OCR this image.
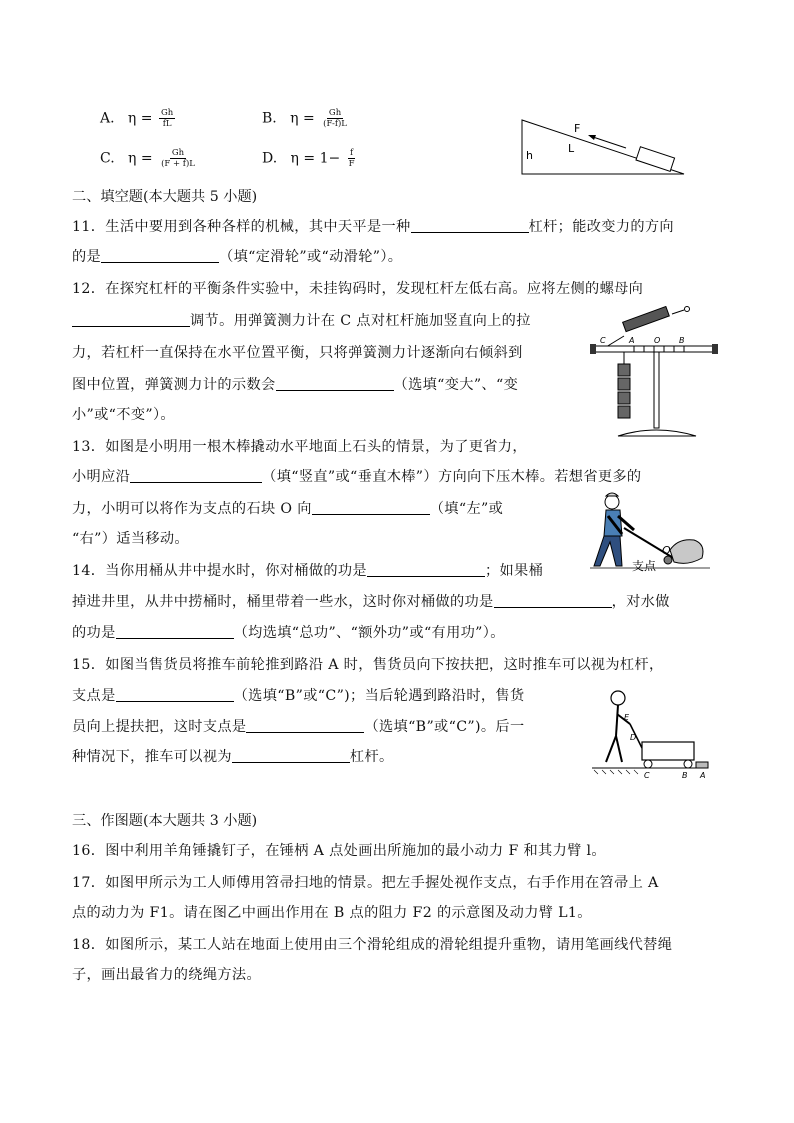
A. $\eta = \frac{Gh}{fL}$	B. $\eta = \frac{Gh}{(F-f)L}$
C. $\eta = \frac{Gh}{(F + f)L}$	D. $\eta = 1- \frac{f}{F}$
F
L
h
二、填空题(本大题共 5 小题)
11．生活中要用到各种各样的机械，其中天平是一种	杠杆；能改变力的方向
的是	（填“定滑轮”或“动滑轮”）。
12．在探究杠杆的平衡条件实验中，未挂钩码时，发现杠杆左低右高。应将左侧的螺母向
调节。用弹簧测力计在 C 点对杠杆施加竖直向上的拉
力，若杠杆一直保持在水平位置平衡，只将弹簧测力计逐渐向右倾斜到
图中位置，弹簧测力计的示数会	（选填“变大”、“变
小”或“不变”）。
C	A O B
13．如图是小明用一根木棒撬动水平地面上石头的情景，为了更省力，
小明应沿	（填“竖直”或“垂直木棒”）方向向下压木棒。若想省更多的
力，小明可以将作为支点的石块 O 向	（填“左”或
“右”）适当移动。
O
支点
14．当你用桶从井中提水时，你对桶做的功是	；如果桶
掉进井里，从井中捞桶时，桶里带着一些水，这时你对桶做的功是	，对水做
的功是	（均选填“总功”、“额外功”或“有用功”）。
15．如图当售货员将推车前轮推到路沿 A 时，售货员向下按扶把，这时推车可以视为杠杆，
支点是	（选填“B”或“C”)；当后轮遇到路沿时，售货
员向上提扶把，这时支点是	（选填“B”或“C”)。后一
种情况下，推车可以视为	杠杆。
E
D
C	B A
三、作图题(本大题共 3 小题)
16．图中利用羊角锤撬钉子，在锤柄 A 点处画出所施加的最小动力 F 和其力臂 l。
17．如图甲所示为工人师傅用笤帚扫地的情景。把左手握处视作支点，右手作用在笤帚上 A
点的动力为 F1。请在图乙中画出作用在 B 点的阻力 F2 的示意图及动力臂 L1。
18．如图所示，某工人站在地面上使用由三个滑轮组成的滑轮组提升重物，请用笔画线代替绳
子，画出最省力的绕绳方法。
